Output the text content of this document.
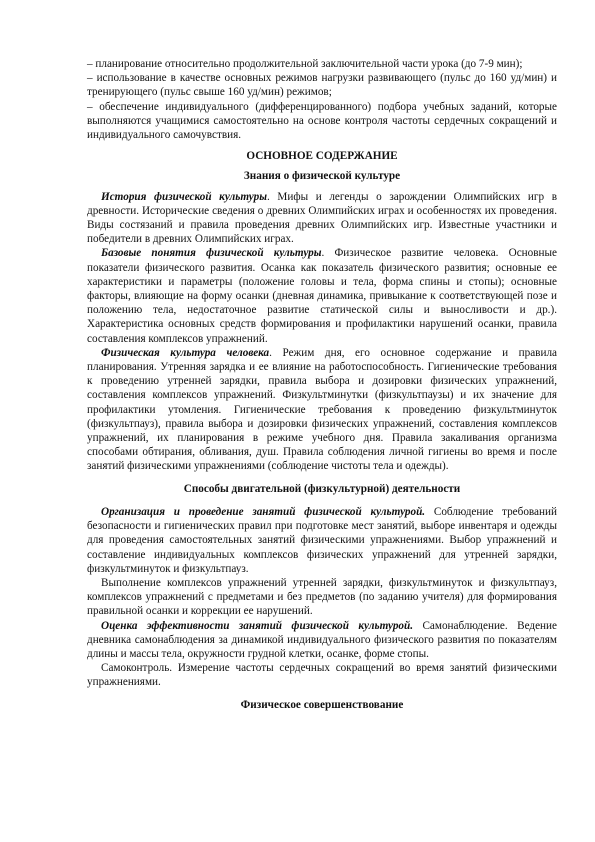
– планирование относительно продолжительной заключительной части урока (до 7-9 мин);

– использование в качестве основных режимов нагрузки развивающего (пульс до 160 уд/мин) и тренирующего (пульс свыше 160 уд/мин) режимов;

– обеспечение индивидуального (дифференцированного) подбора учебных заданий, которые выполняются учащимися самостоятельно на основе контроля частоты сердечных сокращений и индивидуального самочувствия.

ОСНОВНОЕ СОДЕРЖАНИЕ

Знания о физической культуре

История физической культуры. Мифы и легенды о зарождении Олимпийских игр в древности. Исторические сведения о древних Олимпийских играх и особенностях их проведения. Виды состязаний и правила проведения древних Олимпийских игр. Известные участники и победители в древних Олимпийских играх.

Базовые понятия физической культуры. Физическое развитие человека. Основные показатели физического развития. Осанка как показатель физического развития; основные ее характеристики и параметры (положение головы и тела, форма спины и стопы); основные факторы, влияющие на форму осанки (дневная динамика, привыкание к соответствующей позе и положению тела, недостаточное развитие статической силы и выносливости и др.). Характеристика основных средств формирования и профилактики нарушений осанки, правила составления комплексов упражнений.

Физическая культура человека. Режим дня, его основное содержание и правила планирования. Утренняя зарядка и ее влияние на работоспособность. Гигиенические требования к проведению утренней зарядки, правила выбора и дозировки физических упражнений, составления комплексов упражнений. Физкультминутки (физкультпаузы) и их значение для профилактики утомления. Гигиенические требования к проведению физкультминуток (физкультпауз), правила выбора и дозировки физических упражнений, составления комплексов упражнений, их планирования в режиме учебного дня. Правила закаливания организма способами обтирания, обливания, душ. Правила соблюдения личной гигиены во время и после занятий физическими упражнениями (соблюдение чистоты тела и одежды).

Способы двигательной (физкультурной) деятельности

Организация и проведение занятий физической культурой. Соблюдение требований безопасности и гигиенических правил при подготовке мест занятий, выборе инвентаря и одежды для проведения самостоятельных занятий физическими упражнениями. Выбор упражнений и составление индивидуальных комплексов физических упражнений для утренней зарядки, физкультминуток и физкультпауз.

Выполнение комплексов упражнений утренней зарядки, физкультминуток и физкультпауз, комплексов упражнений с предметами и без предметов (по заданию учителя) для формирования правильной осанки и коррекции ее нарушений.

Оценка эффективности занятий физической культурой. Самонаблюдение. Ведение дневника самонаблюдения за динамикой индивидуального физического развития по показателям длины и массы тела, окружности грудной клетки, осанке, форме стопы.

Самоконтроль. Измерение частоты сердечных сокращений во время занятий физическими упражнениями.

Физическое совершенствование
